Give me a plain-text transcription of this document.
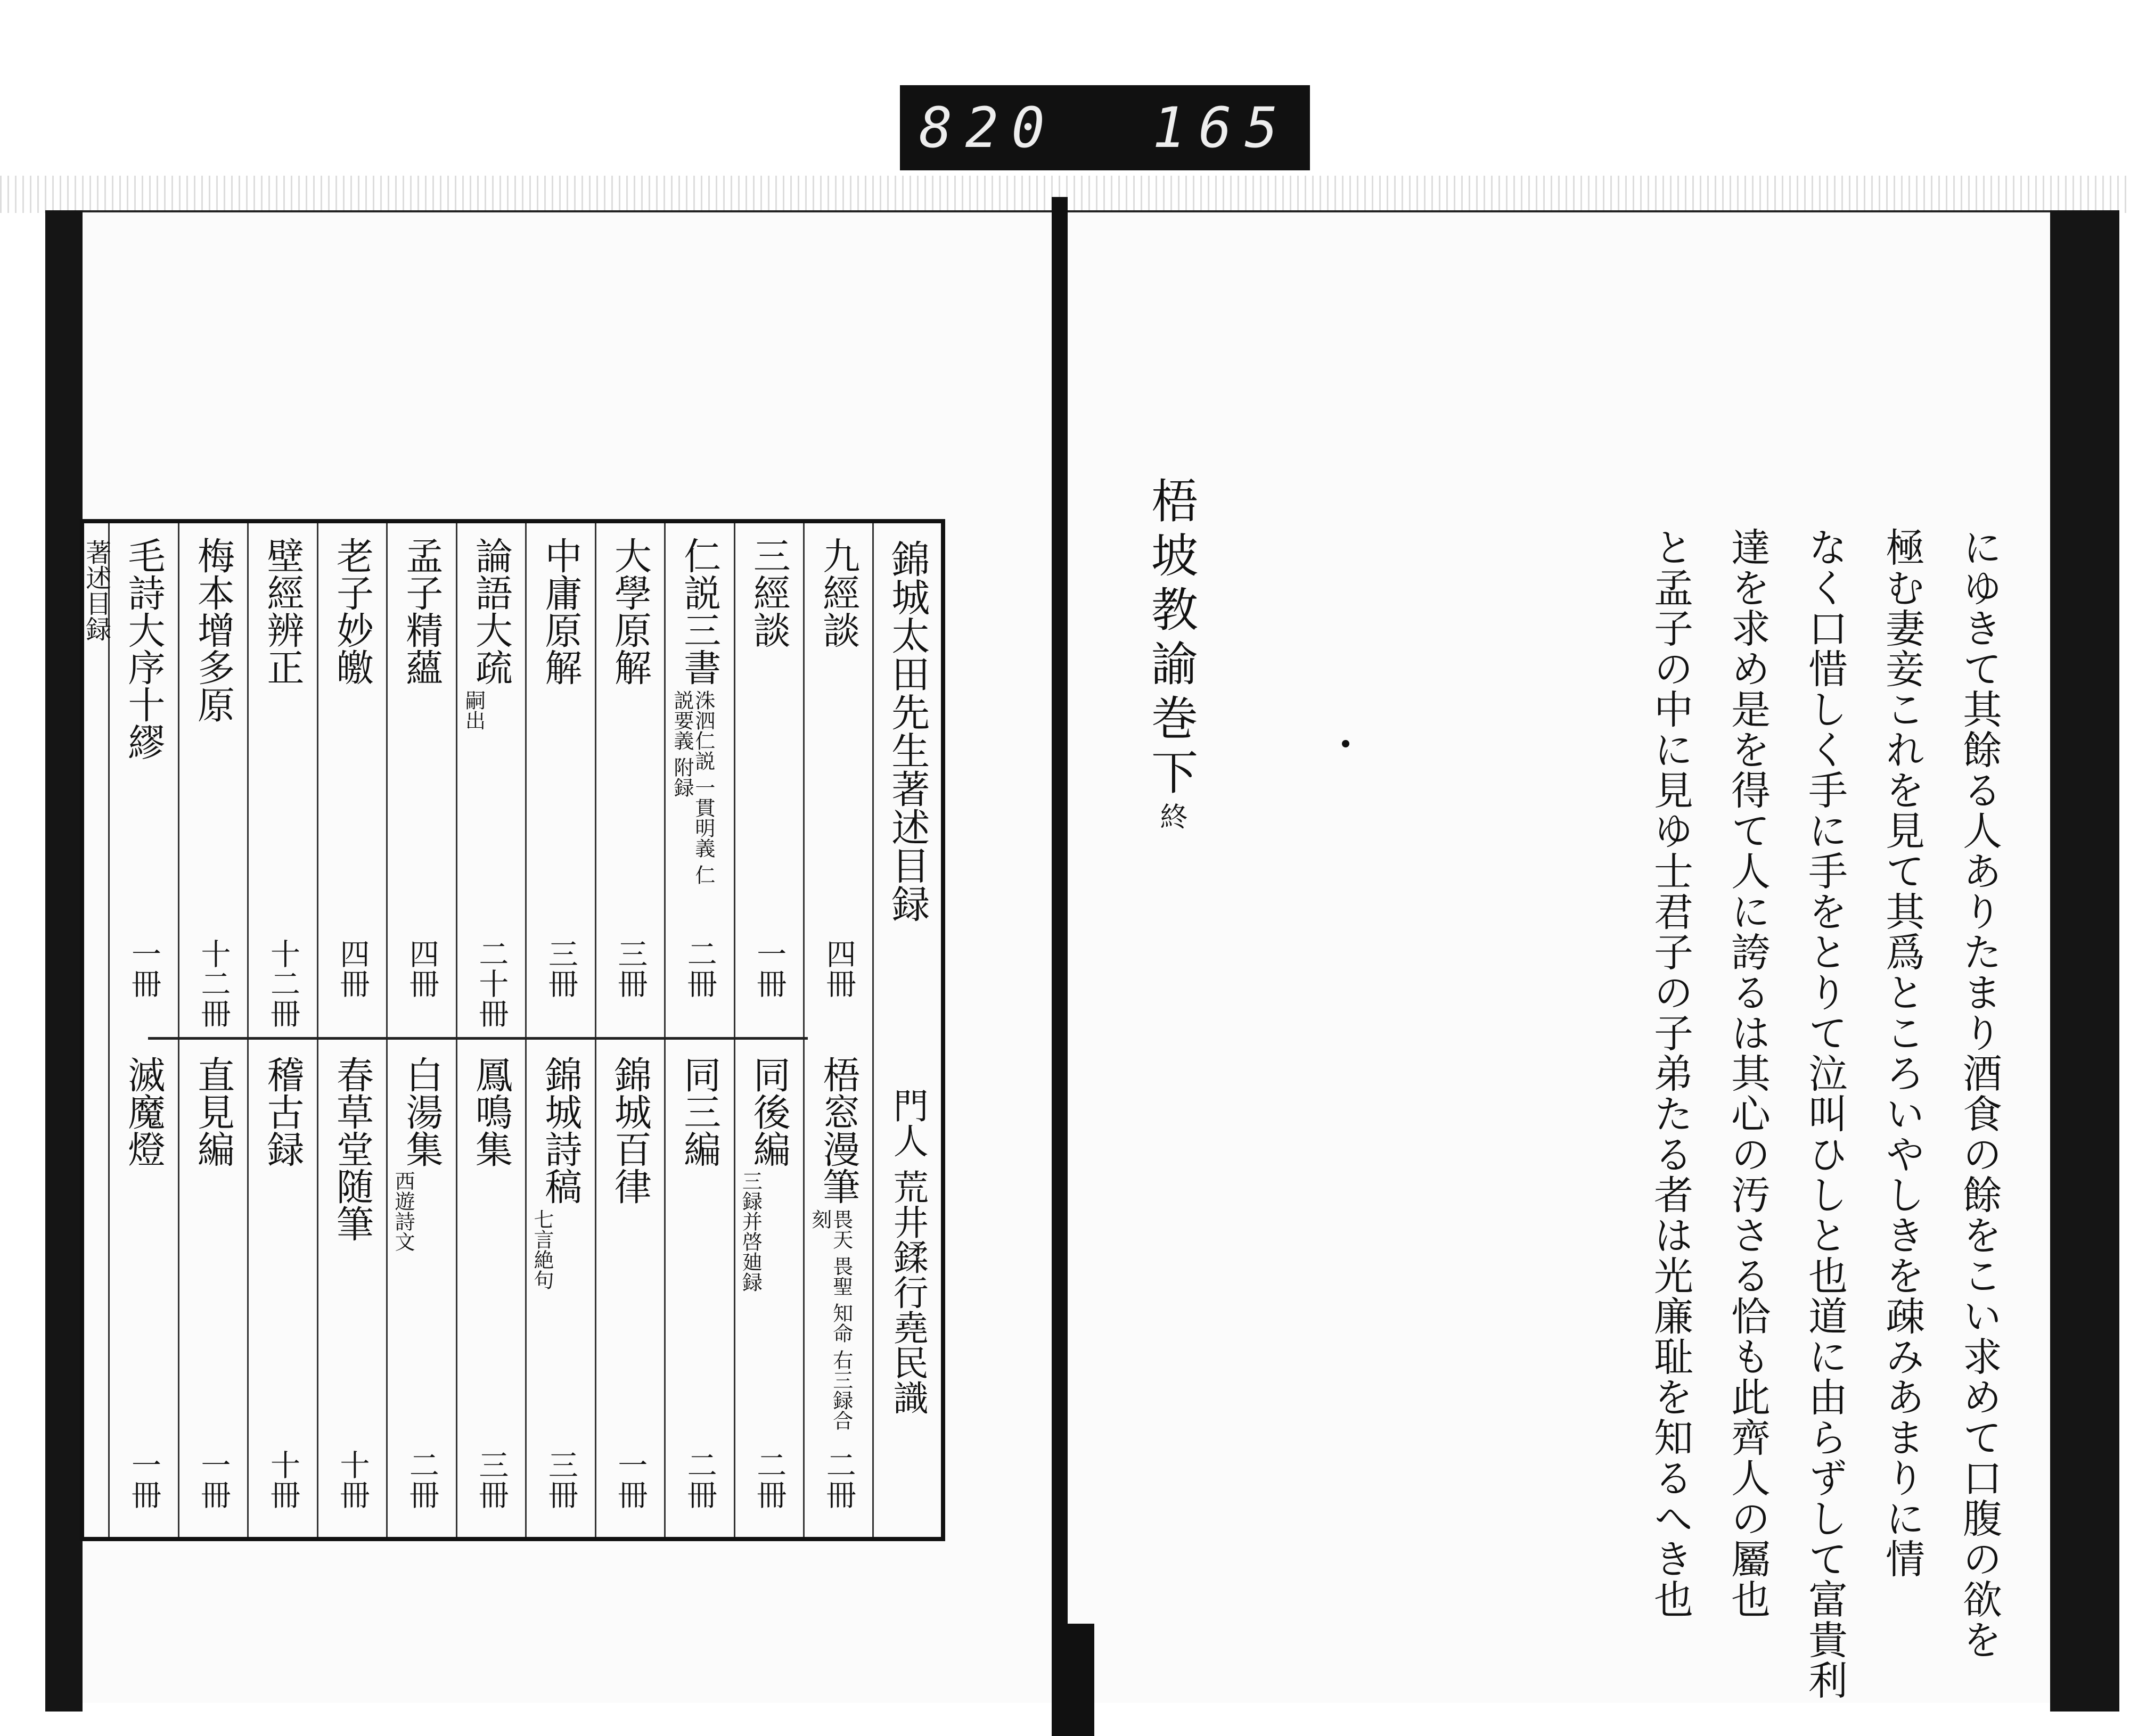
820 165
錦城太田先生著述目録
門人 荒井鍒行堯民識
九經談
四冊
梧窓漫筆
畏天 畏聖 知命 右三録合刻
二冊
三經談
一冊
同後編
三録并啓廸録
二冊
仁説三書
洙泗仁説 一貫明義 仁説要義 附録
二冊
同三編
二冊
大學原解
三冊
錦城百律
一冊
中庸原解
三冊
錦城詩稿
七言絶句
三冊
論語大疏
嗣出
二十冊
鳳鳴集
三冊
孟子精蘊
四冊
白湯集
西遊詩文
二冊
老子妙皦
四冊
春草堂随筆
十冊
壁經辨正
十二冊
稽古録
十冊
梅本增多原
十二冊
直見編
一冊
毛詩大序十繆
一冊
滅魔燈
一冊
著述目録	梧坡教諭巻下終	にゆきて其餘る人ありたまり酒食の餘をこい求めて口腹の欲を
極む妻妾これを見て其爲ところいやしきを疎みあまりに情
なく口惜しく手に手をとりて泣叫ひしと也道に由らずして富貴利
達を求め是を得て人に誇るは其心の汚さる恰も此齊人の屬也
と孟子の中に見ゆ士君子の子弟たる者は光廉耻を知るへき也
